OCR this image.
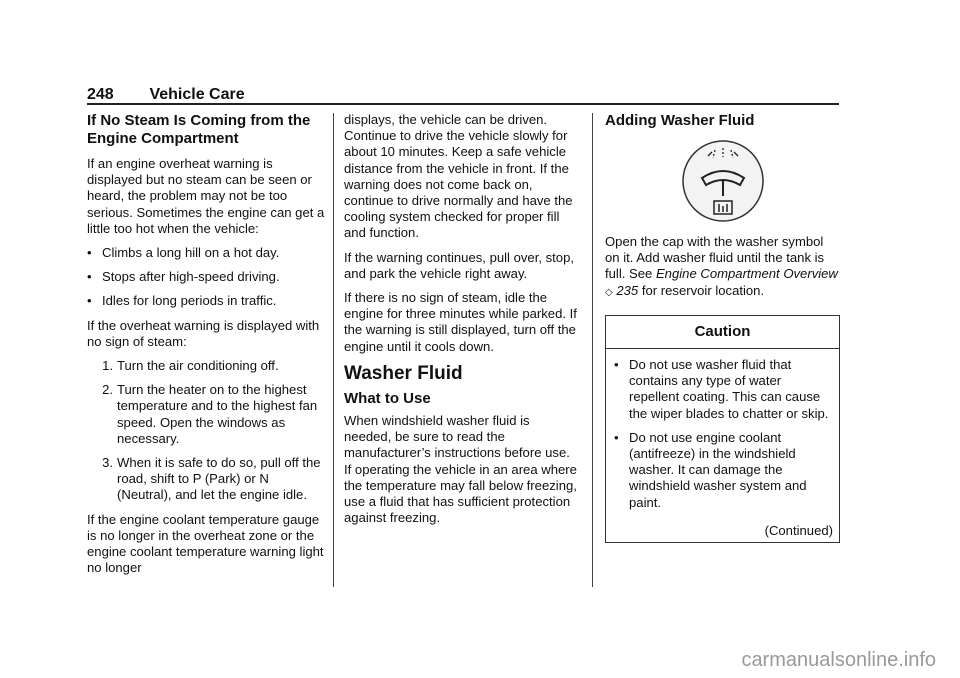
248 Vehicle Care
If No Steam Is Coming from the Engine Compartment

If an engine overheat warning is displayed but no steam can be seen or heard, the problem may not be too serious. Sometimes the engine can get a little too hot when the vehicle:

• Climbs a long hill on a hot day.
• Stops after high-speed driving.
• Idles for long periods in traffic.

If the overheat warning is displayed with no sign of steam:

1. Turn the air conditioning off.
2. Turn the heater on to the highest temperature and to the highest fan speed. Open the windows as necessary.
3. When it is safe to do so, pull off the road, shift to P (Park) or N (Neutral), and let the engine idle.

If the engine coolant temperature gauge is no longer in the overheat zone or the engine coolant temperature warning light no longer

displays, the vehicle can be driven. Continue to drive the vehicle slowly for about 10 minutes. Keep a safe vehicle distance from the vehicle in front. If the warning does not come back on, continue to drive normally and have the cooling system checked for proper fill and function.

If the warning continues, pull over, stop, and park the vehicle right away.

If there is no sign of steam, idle the engine for three minutes while parked. If the warning is still displayed, turn off the engine until it cools down.

Washer Fluid
What to Use

When windshield washer fluid is needed, be sure to read the manufacturer’s instructions before use. If operating the vehicle in an area where the temperature may fall below freezing, use a fluid that has sufficient protection against freezing.

Adding Washer Fluid

Open the cap with the washer symbol on it. Add washer fluid until the tank is full. See Engine Compartment Overview ◇ 235 for reservoir location.

Caution
• Do not use washer fluid that contains any type of water repellent coating. This can cause the wiper blades to chatter or skip.
• Do not use engine coolant (antifreeze) in the windshield washer. It can damage the windshield washer system and paint.
(Continued)
carmanualsonline.info
